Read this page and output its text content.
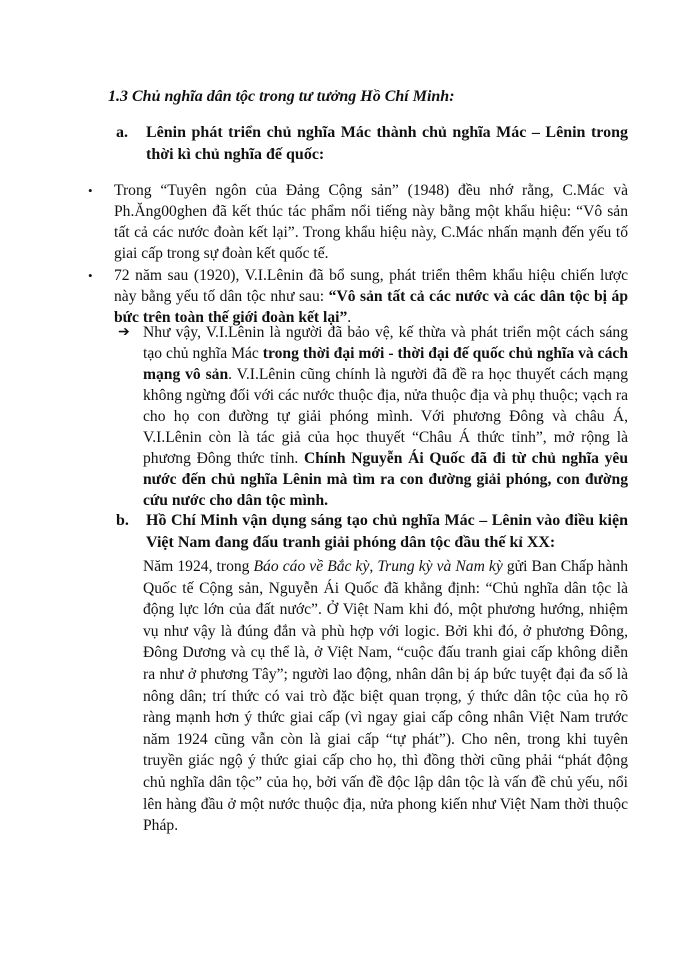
1.3 Chủ nghĩa dân tộc trong tư tưởng Hồ Chí Minh:
a. Lênin phát triển chủ nghĩa Mác thành chủ nghĩa Mác – Lênin trong thời kì chủ nghĩa đế quốc:
• Trong “Tuyên ngôn của Đảng Cộng sản” (1948) đều nhớ rằng, C.Mác và Ph.Ăng00ghen đã kết thúc tác phẩm nổi tiếng này bằng một khẩu hiệu: “Vô sản tất cả các nước đoàn kết lại”. Trong khẩu hiệu này, C.Mác nhấn mạnh đến yếu tố giai cấp trong sự đoàn kết quốc tế.
• 72 năm sau (1920), V.I.Lênin đã bổ sung, phát triển thêm khẩu hiệu chiến lược này bằng yếu tố dân tộc như sau: “Vô sản tất cả các nước và các dân tộc bị áp bức trên toàn thế giới đoàn kết lại”.
➔ Như vậy, V.I.Lênin là người đã bảo vệ, kế thừa và phát triển một cách sáng tạo chủ nghĩa Mác trong thời đại mới - thời đại đế quốc chủ nghĩa và cách mạng vô sản. V.I.Lênin cũng chính là người đã đề ra học thuyết cách mạng không ngừng đối với các nước thuộc địa, nửa thuộc địa và phụ thuộc; vạch ra cho họ con đường tự giải phóng mình. Với phương Đông và châu Á, V.I.Lênin còn là tác giả của học thuyết “Châu Á thức tỉnh”, mở rộng là phương Đông thức tỉnh. Chính Nguyễn Ái Quốc đã đi từ chủ nghĩa yêu nước đến chủ nghĩa Lênin mà tìm ra con đường giải phóng, con đường cứu nước cho dân tộc mình.
b. Hồ Chí Minh vận dụng sáng tạo chủ nghĩa Mác – Lênin vào điều kiện Việt Nam đang đấu tranh giải phóng dân tộc đầu thế kỉ XX:
Năm 1924, trong Báo cáo về Bắc kỳ, Trung kỳ và Nam kỳ gửi Ban Chấp hành Quốc tế Cộng sản, Nguyễn Ái Quốc đã khẳng định: “Chủ nghĩa dân tộc là động lực lớn của đất nước”. Ở Việt Nam khi đó, một phương hướng, nhiệm vụ như vậy là đúng đắn và phù hợp với logic. Bởi khi đó, ở phương Đông, Đông Dương và cụ thể là, ở Việt Nam, “cuộc đấu tranh giai cấp không diễn ra như ở phương Tây”; người lao động, nhân dân bị áp bức tuyệt đại đa số là nông dân; trí thức có vai trò đặc biệt quan trọng, ý thức dân tộc của họ rõ ràng mạnh hơn ý thức giai cấp (vì ngay giai cấp công nhân Việt Nam trước năm 1924 cũng vẫn còn là giai cấp “tự phát”). Cho nên, trong khi tuyên truyền giác ngộ ý thức giai cấp cho họ, thì đồng thời cũng phải “phát động chủ nghĩa dân tộc” của họ, bởi vấn đề độc lập dân tộc là vấn đề chủ yếu, nổi lên hàng đầu ở một nước thuộc địa, nửa phong kiến như Việt Nam thời thuộc Pháp.
